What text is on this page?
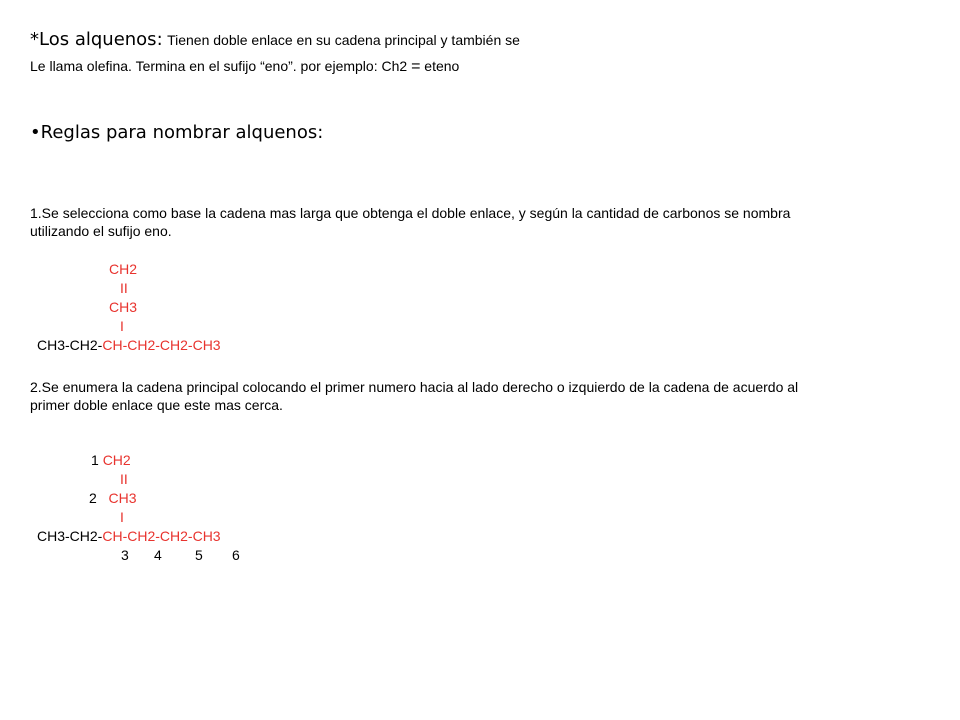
*Los alquenos: Tienen doble enlace en su cadena principal y también se
Le llama olefina. Termina en el sufijo “eno”. por ejemplo: Ch2 = eteno
•Reglas para nombrar alquenos:
1.Se selecciona como base la cadena mas larga que obtenga el doble enlace, y según la cantidad de carbonos se nombra
utilizando el sufijo eno.
CH2
II
CH3
I
CH3-CH2-CH-CH2-CH2-CH3
2.Se enumera la cadena principal colocando el primer numero hacia al lado derecho o izquierdo de la cadena de acuerdo al
primer doble enlace que este mas cerca.
1 CH2
II
2 CH3
I
CH3-CH2-CH-CH2-CH2-CH3
3 4 5 6
